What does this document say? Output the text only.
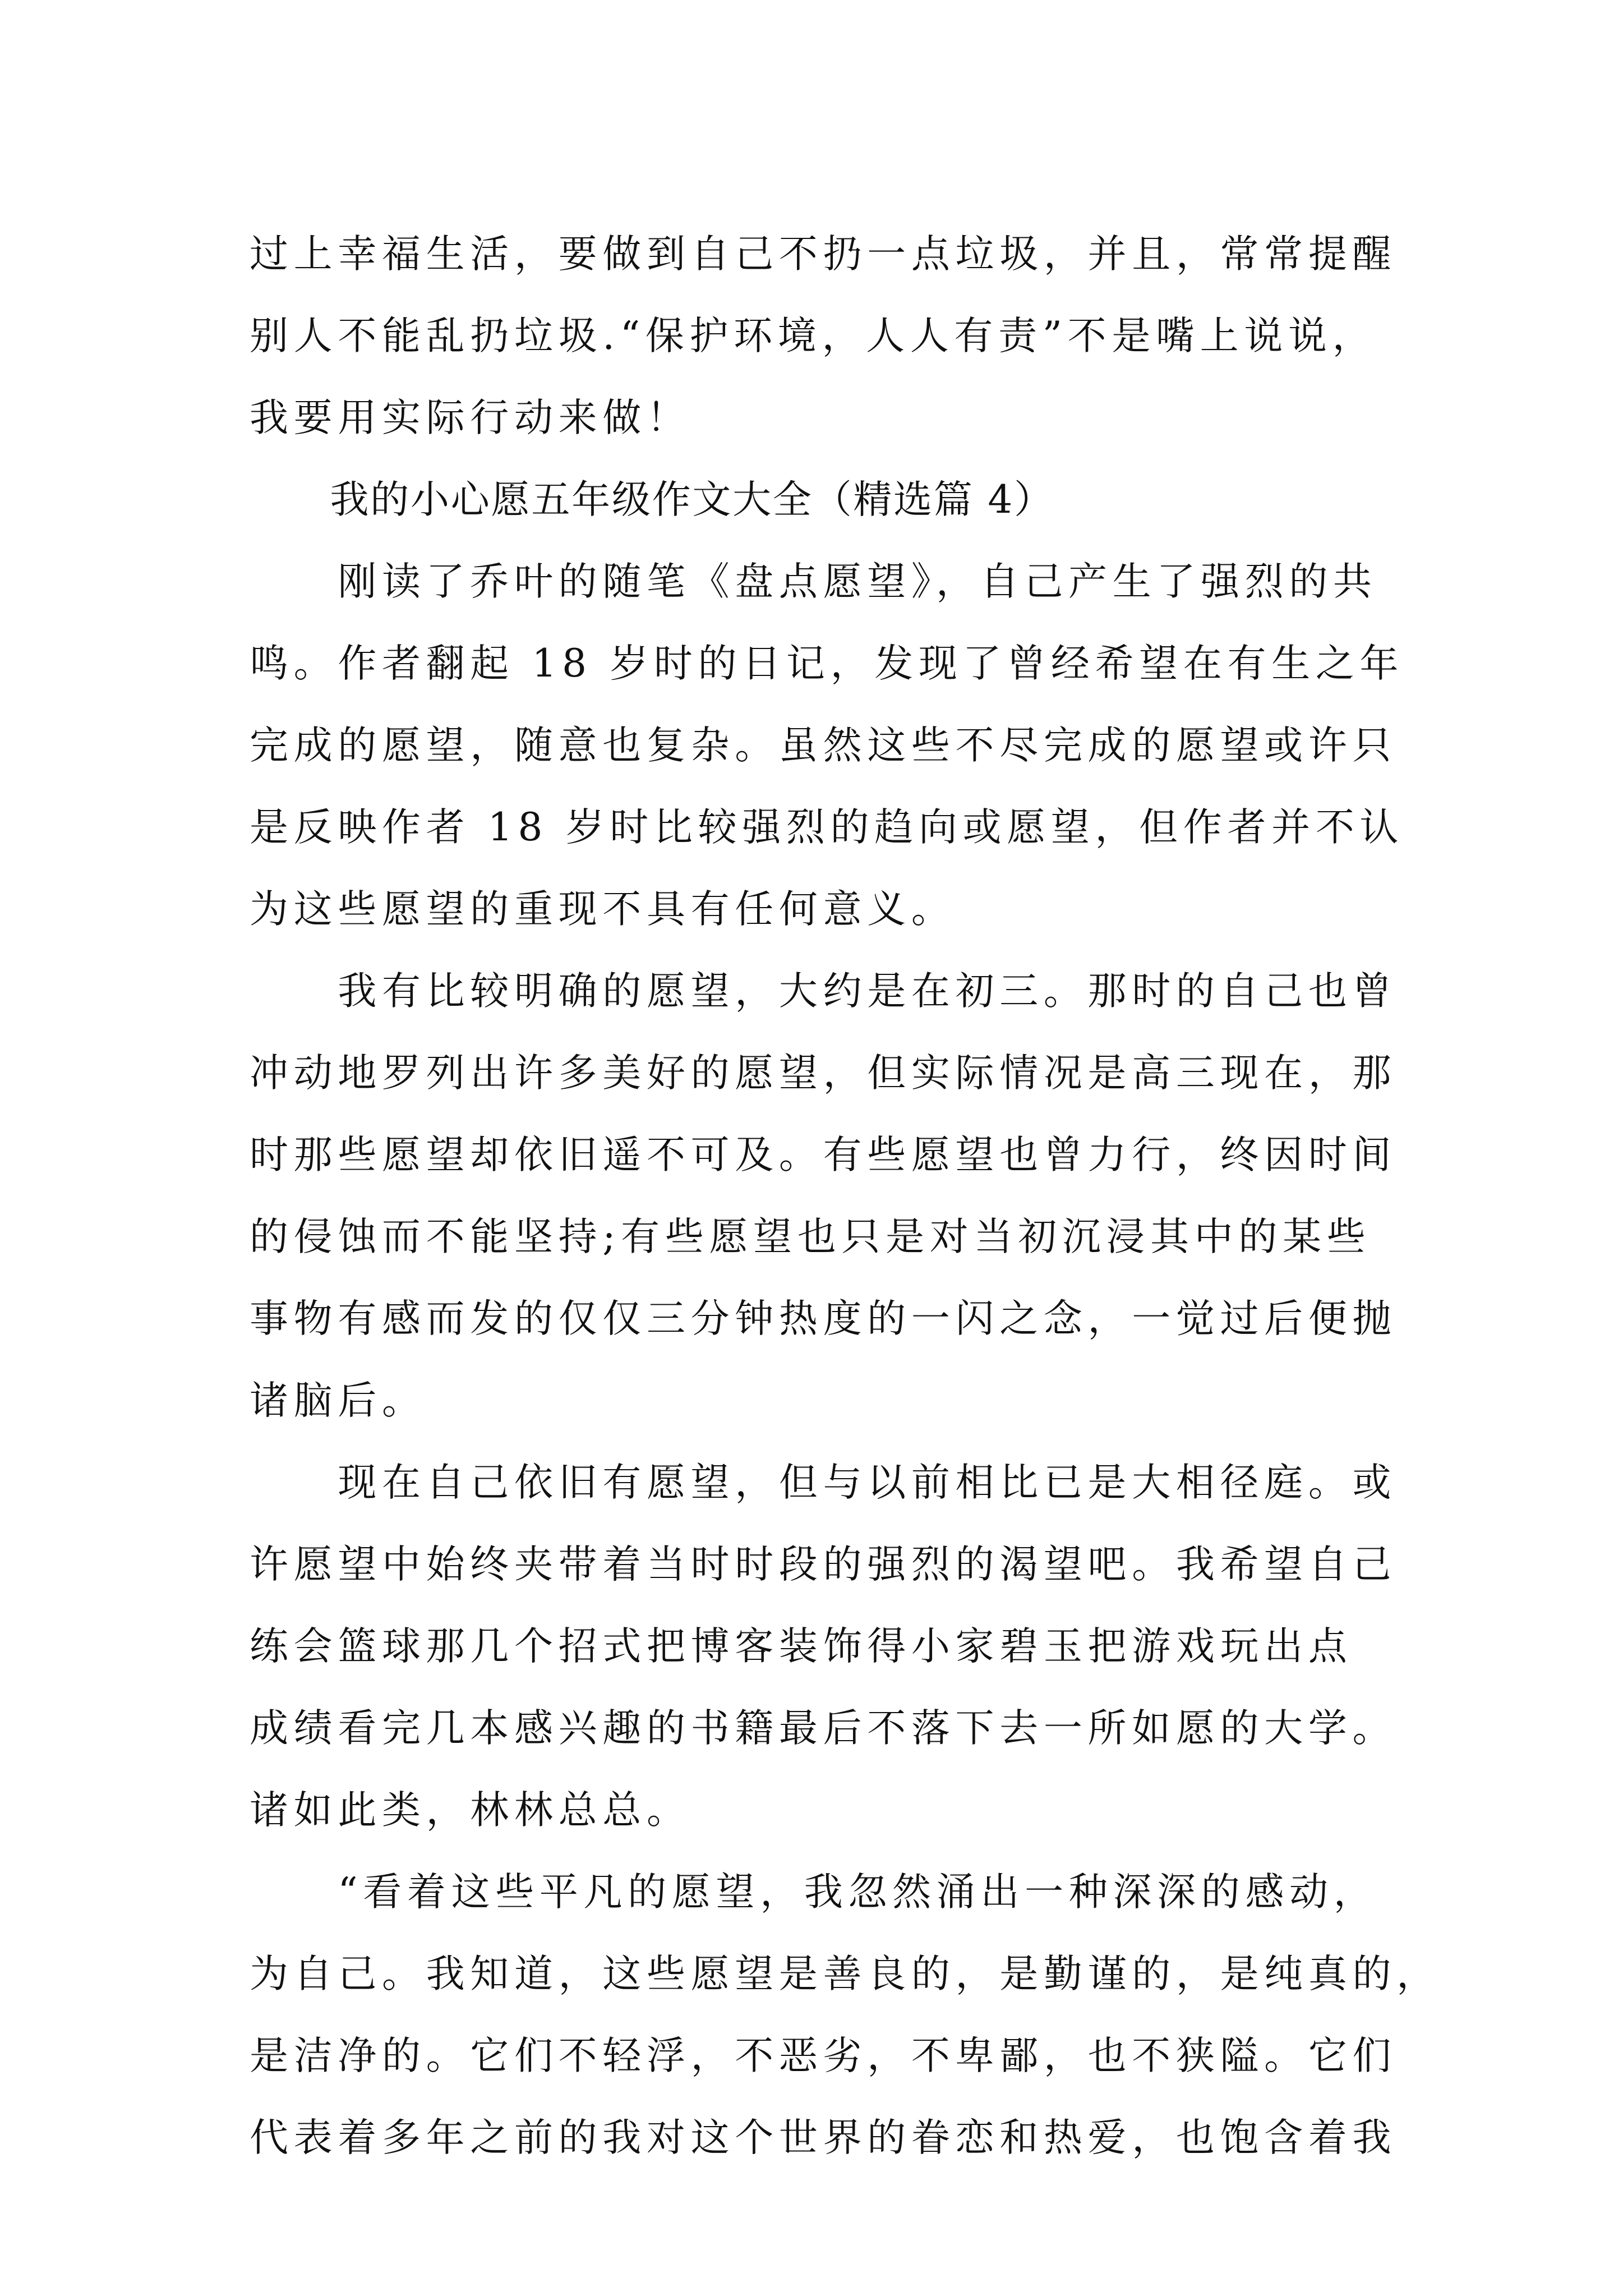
过上幸福生活，要做到自己不扔一点垃圾，并且，常常提醒

别人不能乱扔垃圾.“保护环境，人人有责”不是嘴上说说，

我要用实际行动来做！

　　我的小心愿五年级作文大全（精选篇 4）

　　刚读了乔叶的随笔《盘点愿望》，自己产生了强烈的共

鸣。作者翻起 18 岁时的日记，发现了曾经希望在有生之年

完成的愿望，随意也复杂。虽然这些不尽完成的愿望或许只

是反映作者 18 岁时比较强烈的趋向或愿望，但作者并不认

为这些愿望的重现不具有任何意义。

　　我有比较明确的愿望，大约是在初三。那时的自己也曾

冲动地罗列出许多美好的愿望，但实际情况是高三现在，那

时那些愿望却依旧遥不可及。有些愿望也曾力行，终因时间

的侵蚀而不能坚持;有些愿望也只是对当初沉浸其中的某些

事物有感而发的仅仅三分钟热度的一闪之念，一觉过后便抛

诸脑后。

　　现在自己依旧有愿望，但与以前相比已是大相径庭。或

许愿望中始终夹带着当时时段的强烈的渴望吧。我希望自己

练会篮球那几个招式把博客装饰得小家碧玉把游戏玩出点

成绩看完几本感兴趣的书籍最后不落下去一所如愿的大学。

诸如此类，林林总总。

　　“看着这些平凡的愿望，我忽然涌出一种深深的感动，

为自己。我知道，这些愿望是善良的，是勤谨的，是纯真的，

是洁净的。它们不轻浮，不恶劣，不卑鄙，也不狭隘。它们

代表着多年之前的我对这个世界的眷恋和热爱，也饱含着我
